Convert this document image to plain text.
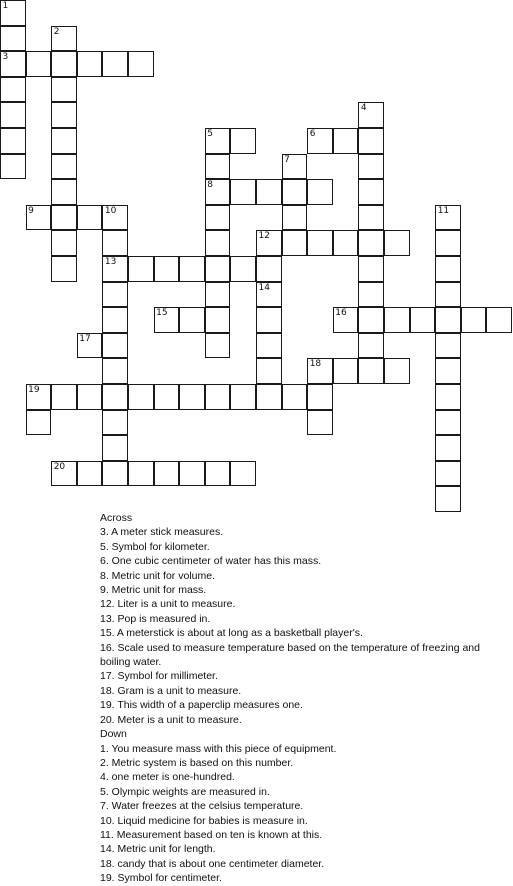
1
3
2
4
5
8
6
7
9	10
13
11
12
14
15	16
17
18
19
20
Across
3. A meter stick measures.
5. Symbol for kilometer.
6. One cubic centimeter of water has this mass.
8. Metric unit for volume.
9. Metric unit for mass.
12. Liter is a unit to measure.
13. Pop is measured in.
15. A meterstick is about at long as a basketball player's.
16. Scale used to measure temperature based on the temperature of freezing and boiling water.
17. Symbol for millimeter.
18. Gram is a unit to measure.
19. This width of a paperclip measures one.
20. Meter is a unit to measure.
Down
1. You measure mass with this piece of equipment.
2. Metric system is based on this number.
4. one meter is one-hundred.
5. Olympic weights are measured in.
7. Water freezes at the celsius temperature.
10. Liquid medicine for babies is measure in.
11. Measurement based on ten is known at this.
14. Metric unit for length.
18. candy that is about one centimeter diameter.
19. Symbol for centimeter.
